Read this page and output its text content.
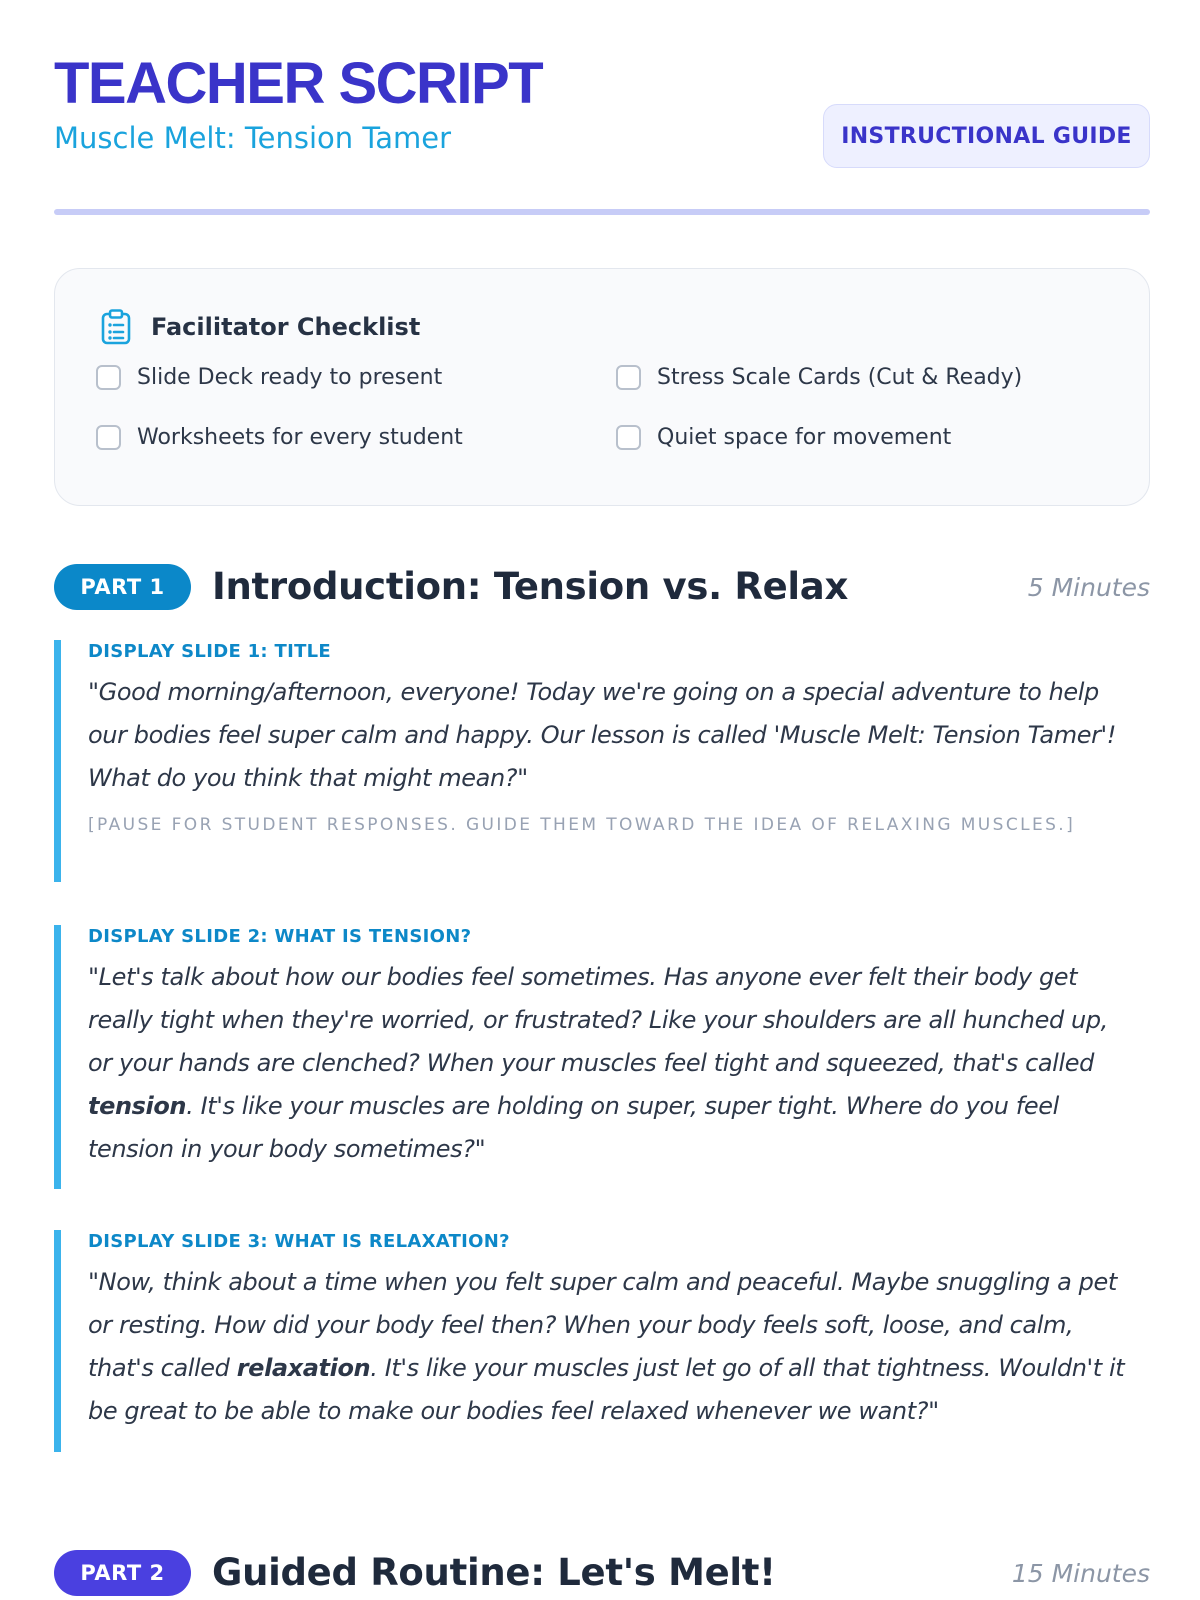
TEACHER SCRIPT
Muscle Melt: Tension Tamer	INSTRUCTIONAL GUIDE
Facilitator Checklist
Slide Deck ready to present	Stress Scale Cards (Cut & Ready)
Worksheets for every student	Quiet space for movement
PART 1	Introduction: Tension vs. Relax	5 Minutes
DISPLAY SLIDE 1: TITLE
"Good morning/afternoon, everyone! Today we're going on a special adventure to help our bodies feel super calm and happy. Our lesson is called 'Muscle Melt: Tension Tamer'! What do you think that might mean?"
[PAUSE FOR STUDENT RESPONSES. GUIDE THEM TOWARD THE IDEA OF RELAXING MUSCLES.]
DISPLAY SLIDE 2: WHAT IS TENSION?
"Let's talk about how our bodies feel sometimes. Has anyone ever felt their body get really tight when they're worried, or frustrated? Like your shoulders are all hunched up, or your hands are clenched? When your muscles feel tight and squeezed, that's called tension. It's like your muscles are holding on super, super tight. Where do you feel tension in your body sometimes?"
DISPLAY SLIDE 3: WHAT IS RELAXATION?
"Now, think about a time when you felt super calm and peaceful. Maybe snuggling a pet or resting. How did your body feel then? When your body feels soft, loose, and calm, that's called relaxation. It's like your muscles just let go of all that tightness. Wouldn't it be great to be able to make our bodies feel relaxed whenever we want?"
PART 2	Guided Routine: Let's Melt!	15 Minutes
